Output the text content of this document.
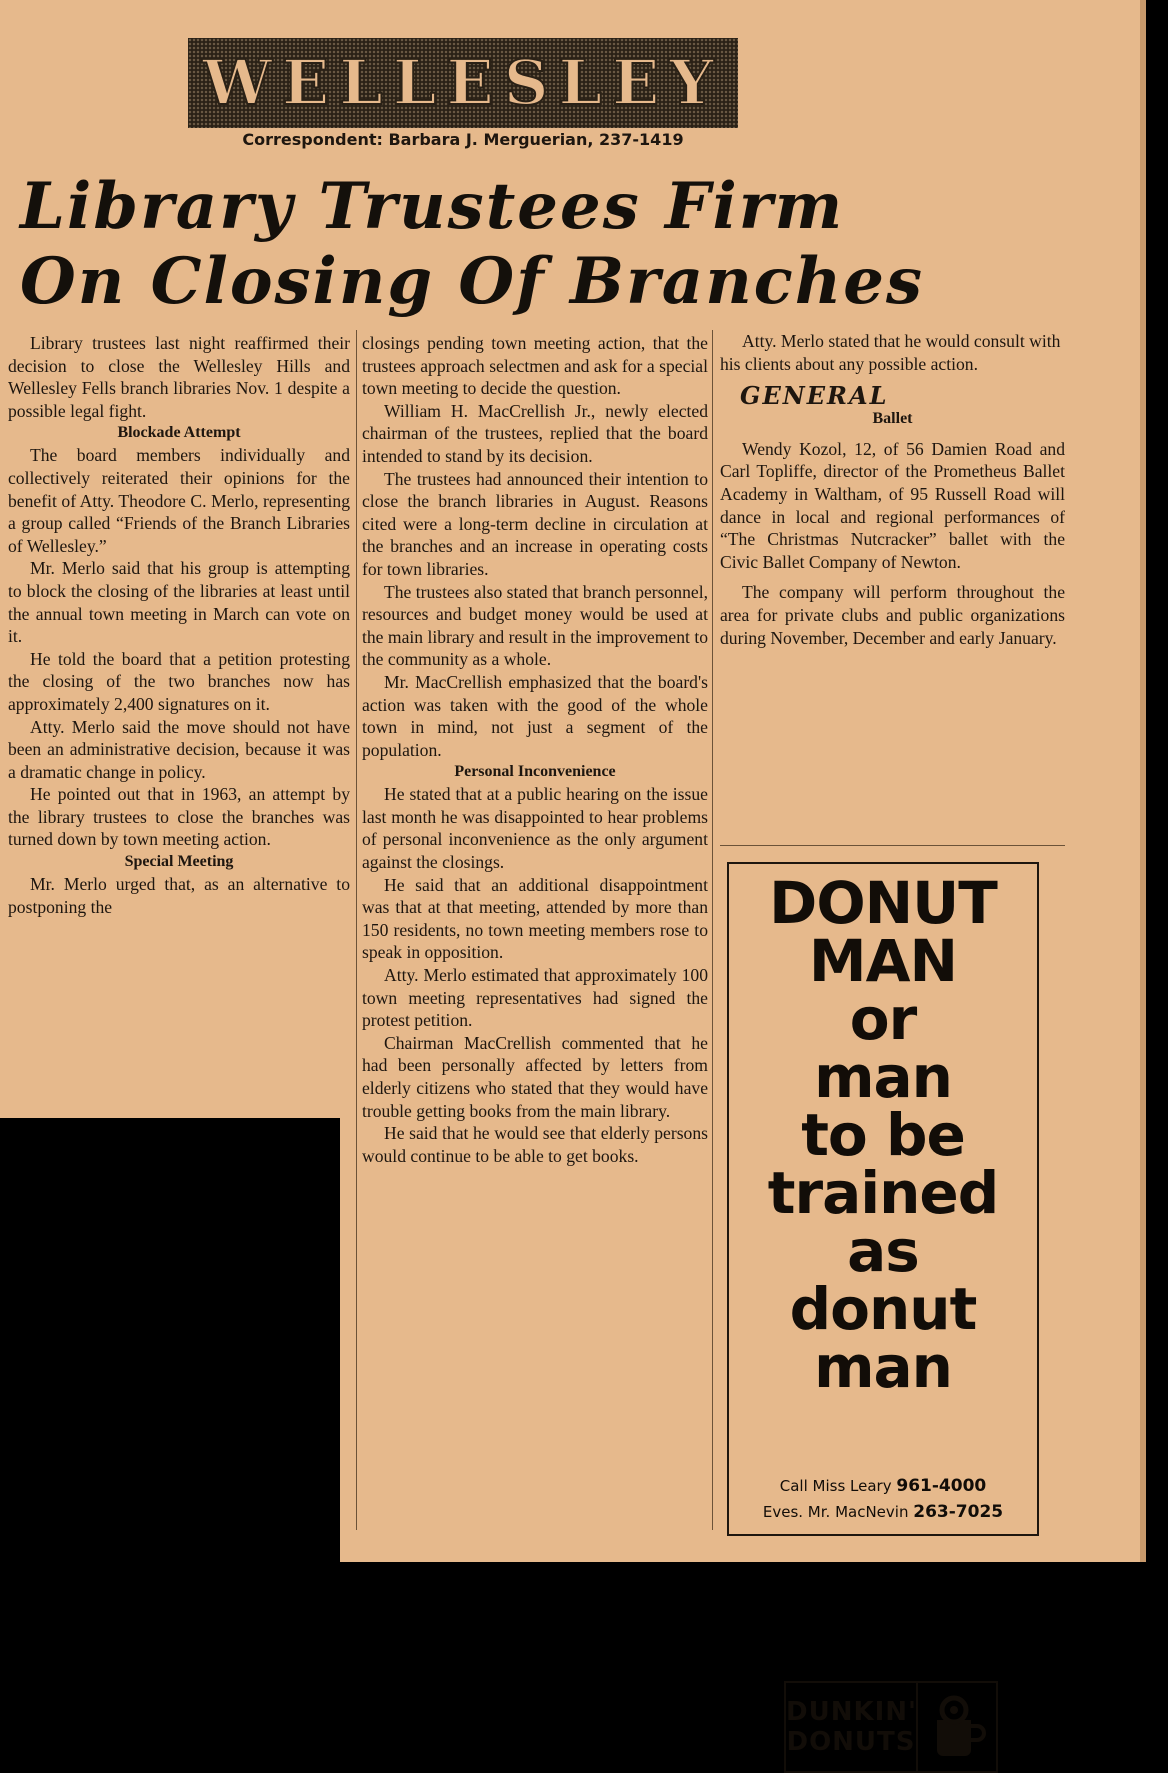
WELLESLEY
Correspondent: Barbara J. Merguerian, 237-1419
Library Trustees Firm
On Closing Of Branches

Library trustees last night reaffirmed their decision to close the Wellesley Hills and Wellesley Fells branch libraries Nov. 1 despite a possible legal fight.

Blockade Attempt

The board members individually and collectively reiterated their opinions for the benefit of Atty. Theodore C. Merlo, representing a group called “Friends of the Branch Libraries of Wellesley.”

Mr. Merlo said that his group is attempting to block the closing of the libraries at least until the annual town meeting in March can vote on it.

He told the board that a petition protesting the closing of the two branches now has approximately 2,400 signatures on it.

Atty. Merlo said the move should not have been an administrative decision, because it was a dramatic change in policy.

He pointed out that in 1963, an attempt by the library trustees to close the branches was turned down by town meeting action.

Special Meeting

Mr. Merlo urged that, as an alternative to postponing the

closings pending town meeting action, that the trustees approach selectmen and ask for a special town meeting to decide the question.

William H. MacCrellish Jr., newly elected chairman of the trustees, replied that the board intended to stand by its decision.

The trustees had announced their intention to close the branch libraries in August. Reasons cited were a long-term decline in circulation at the branches and an increase in operating costs for town libraries.

The trustees also stated that branch personnel, resources and budget money would be used at the main library and result in the improvement to the community as a whole.

Mr. MacCrellish emphasized that the board's action was taken with the good of the whole town in mind, not just a segment of the population.

Personal Inconvenience

He stated that at a public hearing on the issue last month he was disappointed to hear problems of personal inconvenience as the only argument against the closings.

He said that an additional disappointment was that at that meeting, attended by more than 150 residents, no town meeting members rose to speak in opposition.

Atty. Merlo estimated that approximately 100 town meeting representatives had signed the protest petition.

Chairman MacCrellish commented that he had been personally affected by letters from elderly citizens who stated that they would have trouble getting books from the main library.

He said that he would see that elderly persons would continue to be able to get books.

Atty. Merlo stated that he would consult with his clients about any possible action.

GENERAL

Ballet

Wendy Kozol, 12, of 56 Damien Road and Carl Topliffe, director of the Prometheus Ballet Academy in Waltham, of 95 Russell Road will dance in local and regional performances of “The Christmas Nutcracker” ballet with the Civic Ballet Company of Newton.

The company will perform throughout the area for private clubs and public organizations during November, December and early January.

DONUT
MAN
or
man
to be
trained
as
donut
man
DUNKIN'
DONUTS
Call Miss Leary 961-4000
Eves. Mr. MacNevin 263-7025
